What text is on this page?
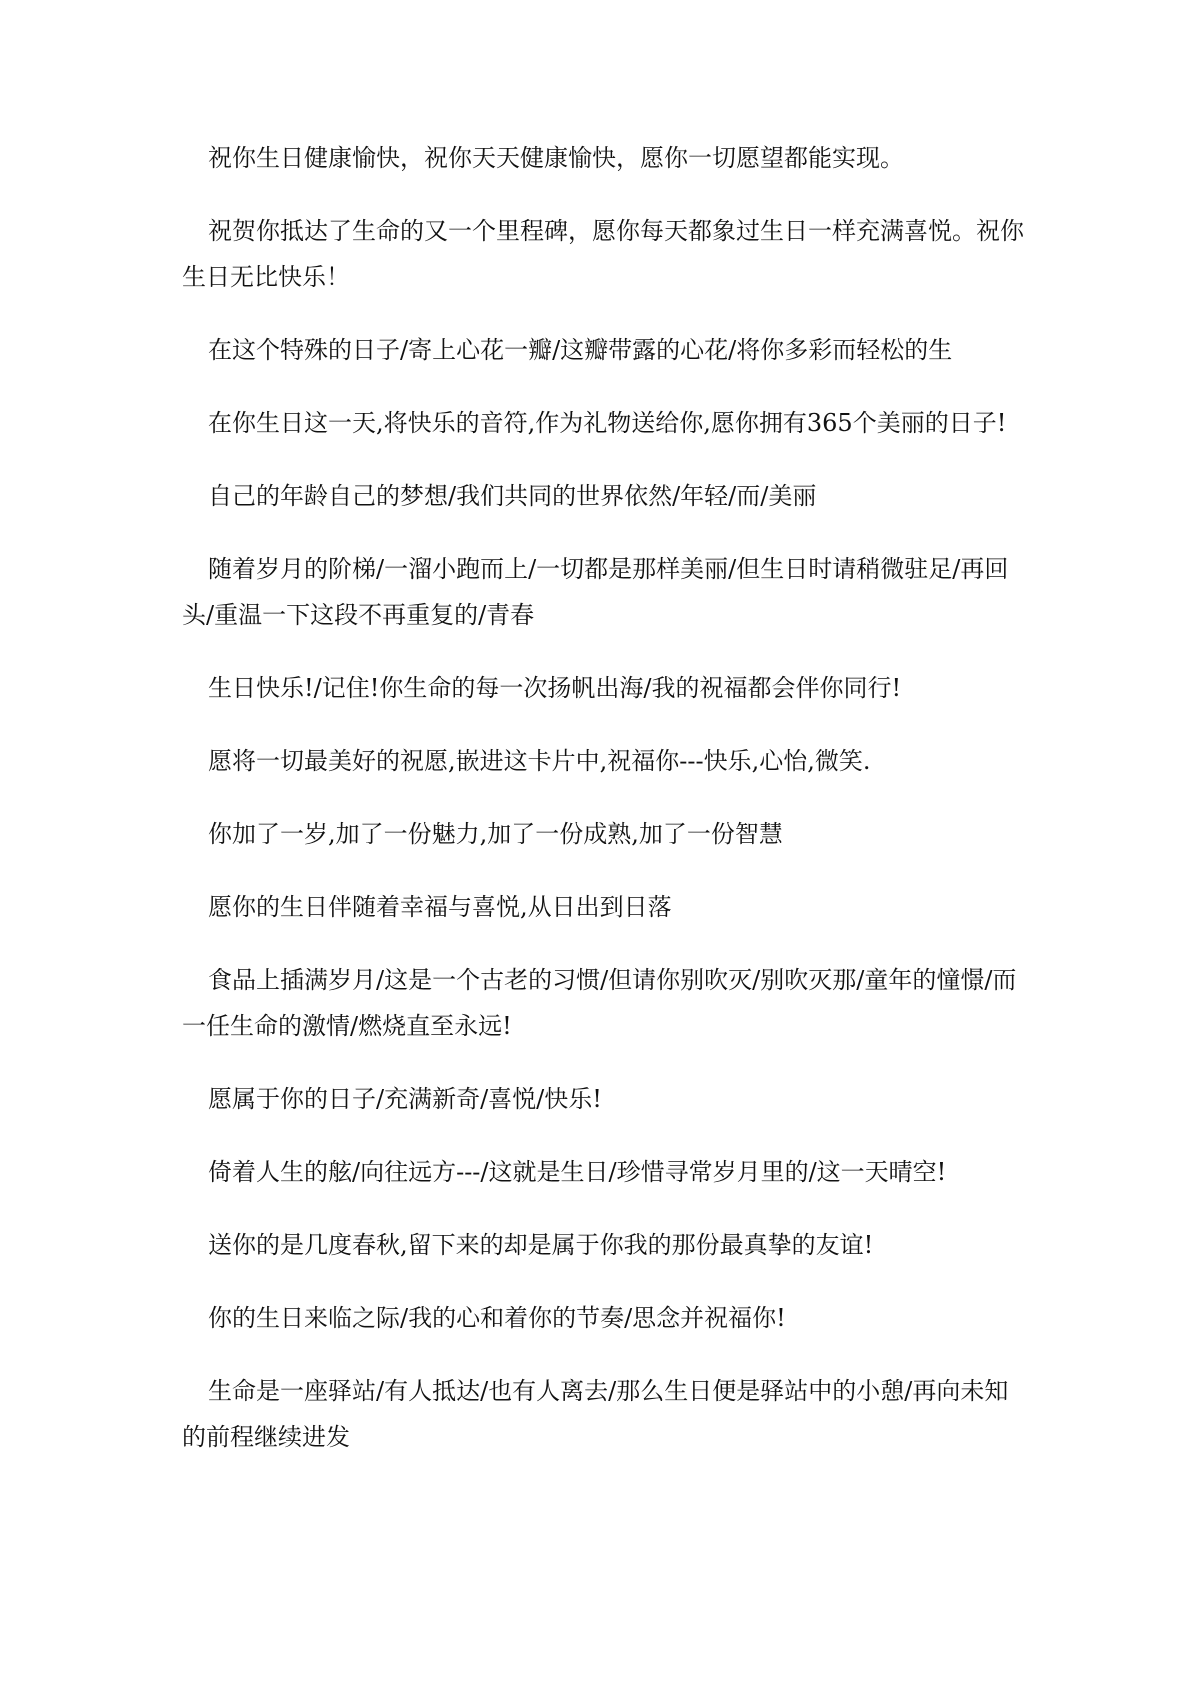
祝你生日健康愉快，祝你天天健康愉快，愿你一切愿望都能实现。

祝贺你抵达了生命的又一个里程碑，愿你每天都象过生日一样充满喜悦。祝你生日无比快乐！

在这个特殊的日子/寄上心花一瓣/这瓣带露的心花/将你多彩而轻松的生

在你生日这一天,将快乐的音符,作为礼物送给你,愿你拥有365个美丽的日子!

自己的年龄自己的梦想/我们共同的世界依然/年轻/而/美丽

随着岁月的阶梯/一溜小跑而上/一切都是那样美丽/但生日时请稍微驻足/再回头/重温一下这段不再重复的/青春

生日快乐!/记住!你生命的每一次扬帆出海/我的祝福都会伴你同行!

愿将一切最美好的祝愿,嵌进这卡片中,祝福你---快乐,心怡,微笑.

你加了一岁,加了一份魅力,加了一份成熟,加了一份智慧

愿你的生日伴随着幸福与喜悦,从日出到日落

食品上插满岁月/这是一个古老的习惯/但请你别吹灭/别吹灭那/童年的憧憬/而一任生命的激情/燃烧直至永远!

愿属于你的日子/充满新奇/喜悦/快乐!

倚着人生的舷/向往远方---/这就是生日/珍惜寻常岁月里的/这一天晴空!

送你的是几度春秋,留下来的却是属于你我的那份最真挚的友谊!

你的生日来临之际/我的心和着你的节奏/思念并祝福你!

生命是一座驿站/有人抵达/也有人离去/那么生日便是驿站中的小憩/再向未知的前程继续进发
